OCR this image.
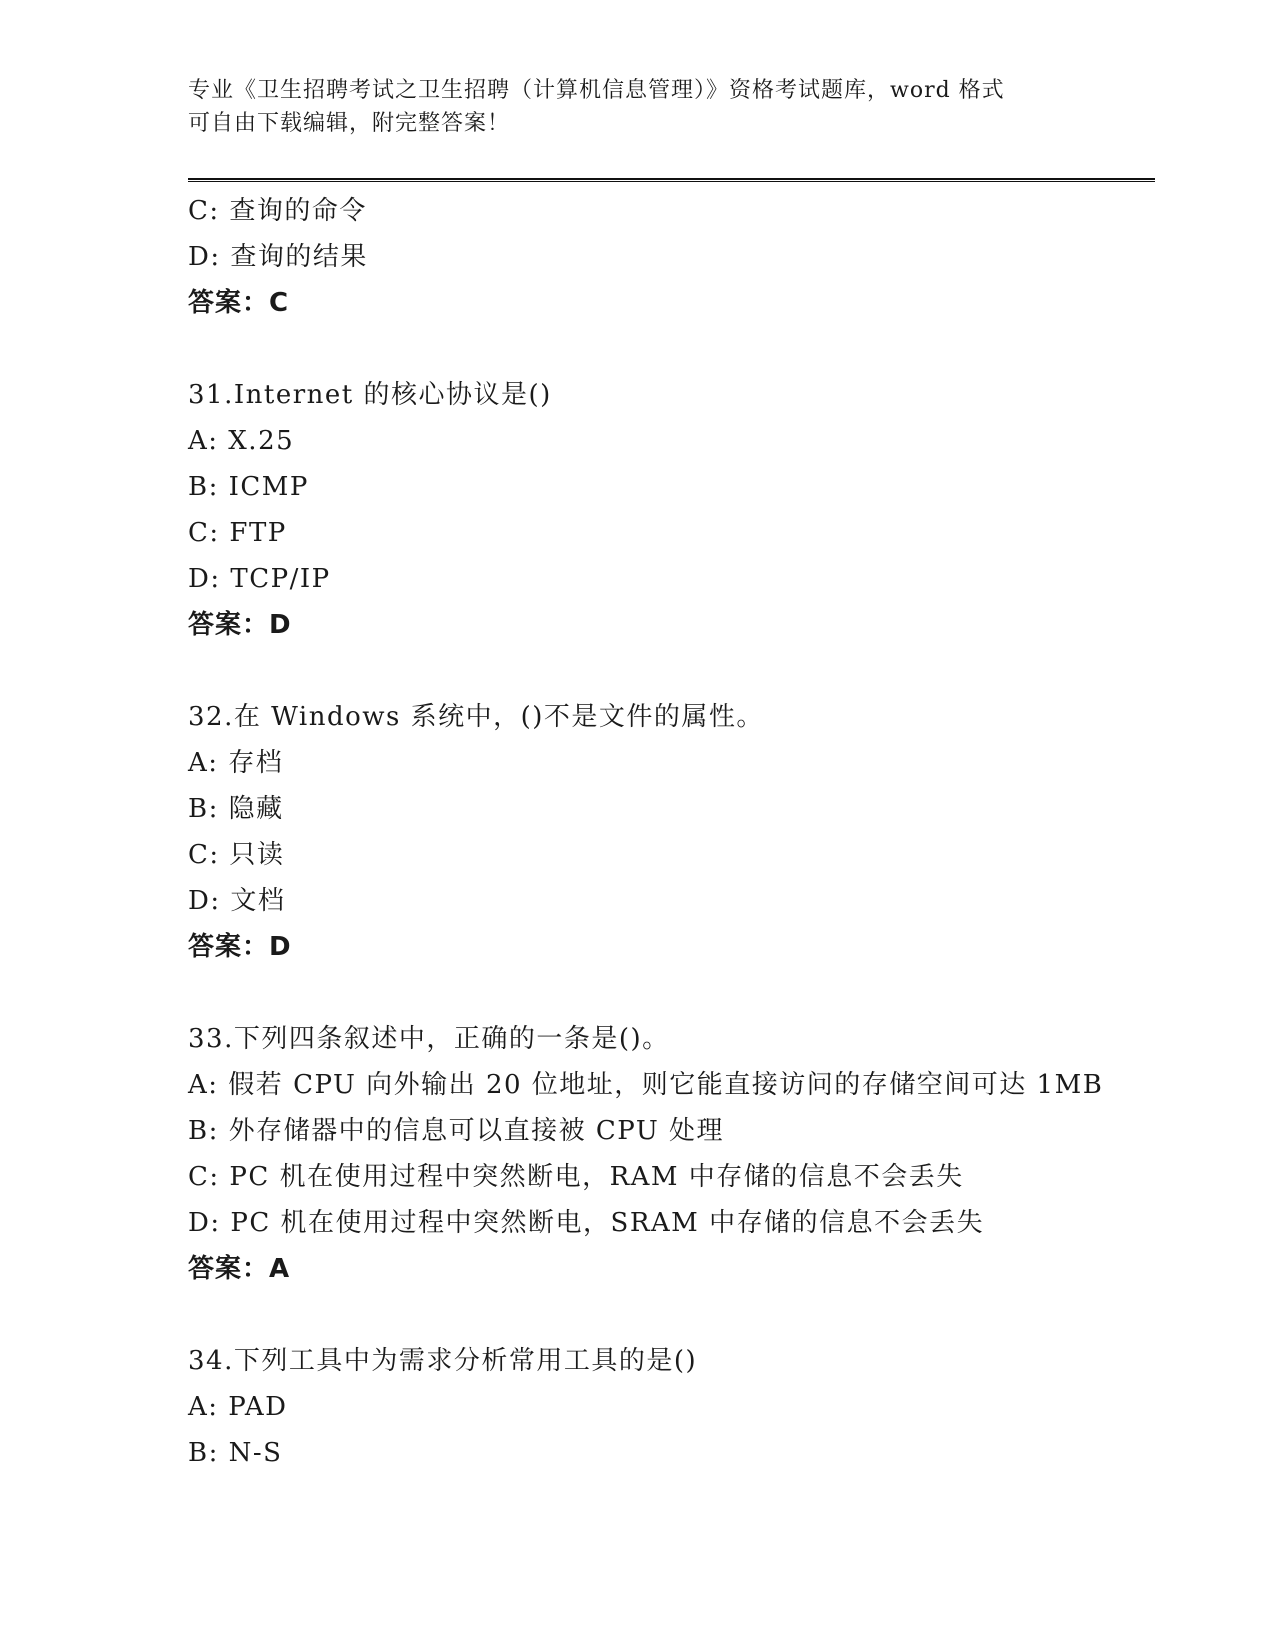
专业《卫生招聘考试之卫生招聘（计算机信息管理）》资格考试题库，word 格式
可自由下载编辑，附完整答案！
C: 查询的命令
D: 查询的结果
答案：C
31.Internet 的核心协议是()
A: X.25
B: ICMP
C: FTP
D: TCP/IP
答案：D
32.在 Windows 系统中，()不是文件的属性。
A: 存档
B: 隐藏
C: 只读
D: 文档
答案：D
33.下列四条叙述中，正确的一条是()。
A: 假若 CPU 向外输出 20 位地址，则它能直接访问的存储空间可达 1MB
B: 外存储器中的信息可以直接被 CPU 处理
C: PC 机在使用过程中突然断电，RAM 中存储的信息不会丢失
D: PC 机在使用过程中突然断电，SRAM 中存储的信息不会丢失
答案：A
34.下列工具中为需求分析常用工具的是()
A: PAD
B: N-S
